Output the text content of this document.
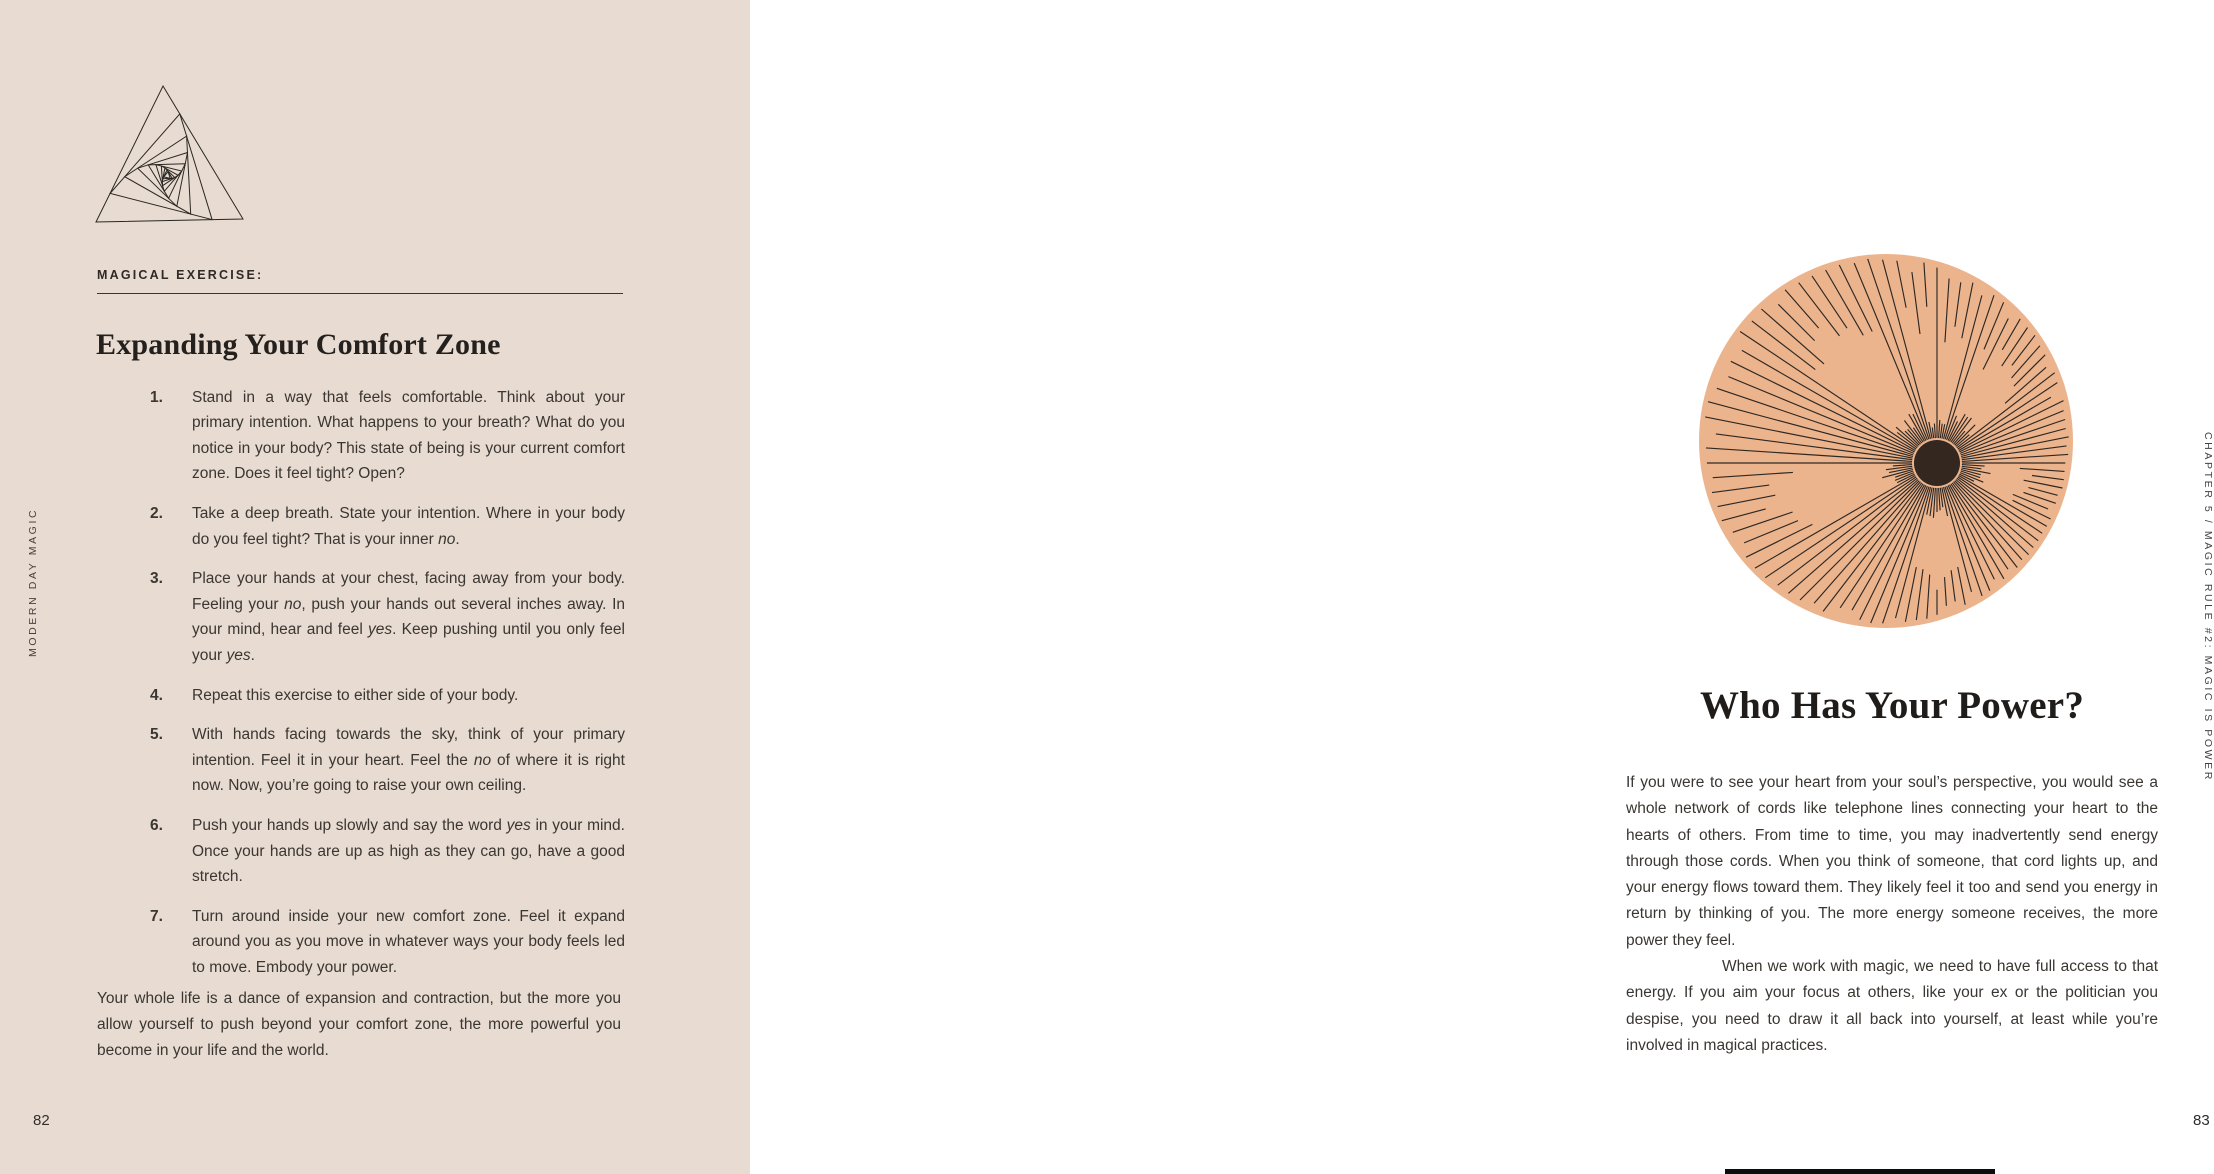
MAGICAL EXERCISE:
Expanding Your Comfort Zone
1.	Stand in a way that feels comfortable. Think about your primary intention. What happens to your breath? What do you notice in your body? This state of being is your current comfort zone. Does it feel tight? Open?

2.	Take a deep breath. State your intention. Where in your body do you feel tight? That is your inner no.

3.	Place your hands at your chest, facing away from your body. Feeling your no, push your hands out several inches away. In your mind, hear and feel yes. Keep pushing until you only feel your yes.

4.	Repeat this exercise to either side of your body.

5.	With hands facing towards the sky, think of your primary intention. Feel it in your heart. Feel the no of where it is right now. Now, you’re going to raise your own ceiling.

6.	Push your hands up slowly and say the word yes in your mind. Once your hands are up as high as they can go, have a good stretch.

7.	Turn around inside your new comfort zone. Feel it expand around you as you move in whatever ways your body feels led to move. Embody your power.

Your whole life is a dance of expansion and contraction, but the more you allow yourself to push beyond your comfort zone, the more powerful you become in your life and the world.

82
MODERN DAY MAGIC
Who Has Your Power?

If you were to see your heart from your soul’s perspective, you would see a whole network of cords like telephone lines connecting your heart to the hearts of others. From time to time, you may inadvertently send energy through those cords. When you think of someone, that cord lights up, and your energy flows toward them. They likely feel it too and send you energy in return by thinking of you. The more energy someone receives, the more power they feel.

When we work with magic, we need to have full access to that energy. If you aim your focus at others, like your ex or the politician you despise, you need to draw it all back into yourself, at least while you’re involved in magical practices.

CHAPTER 5 / MAGIC RULE #2: MAGIC IS POWER
83
